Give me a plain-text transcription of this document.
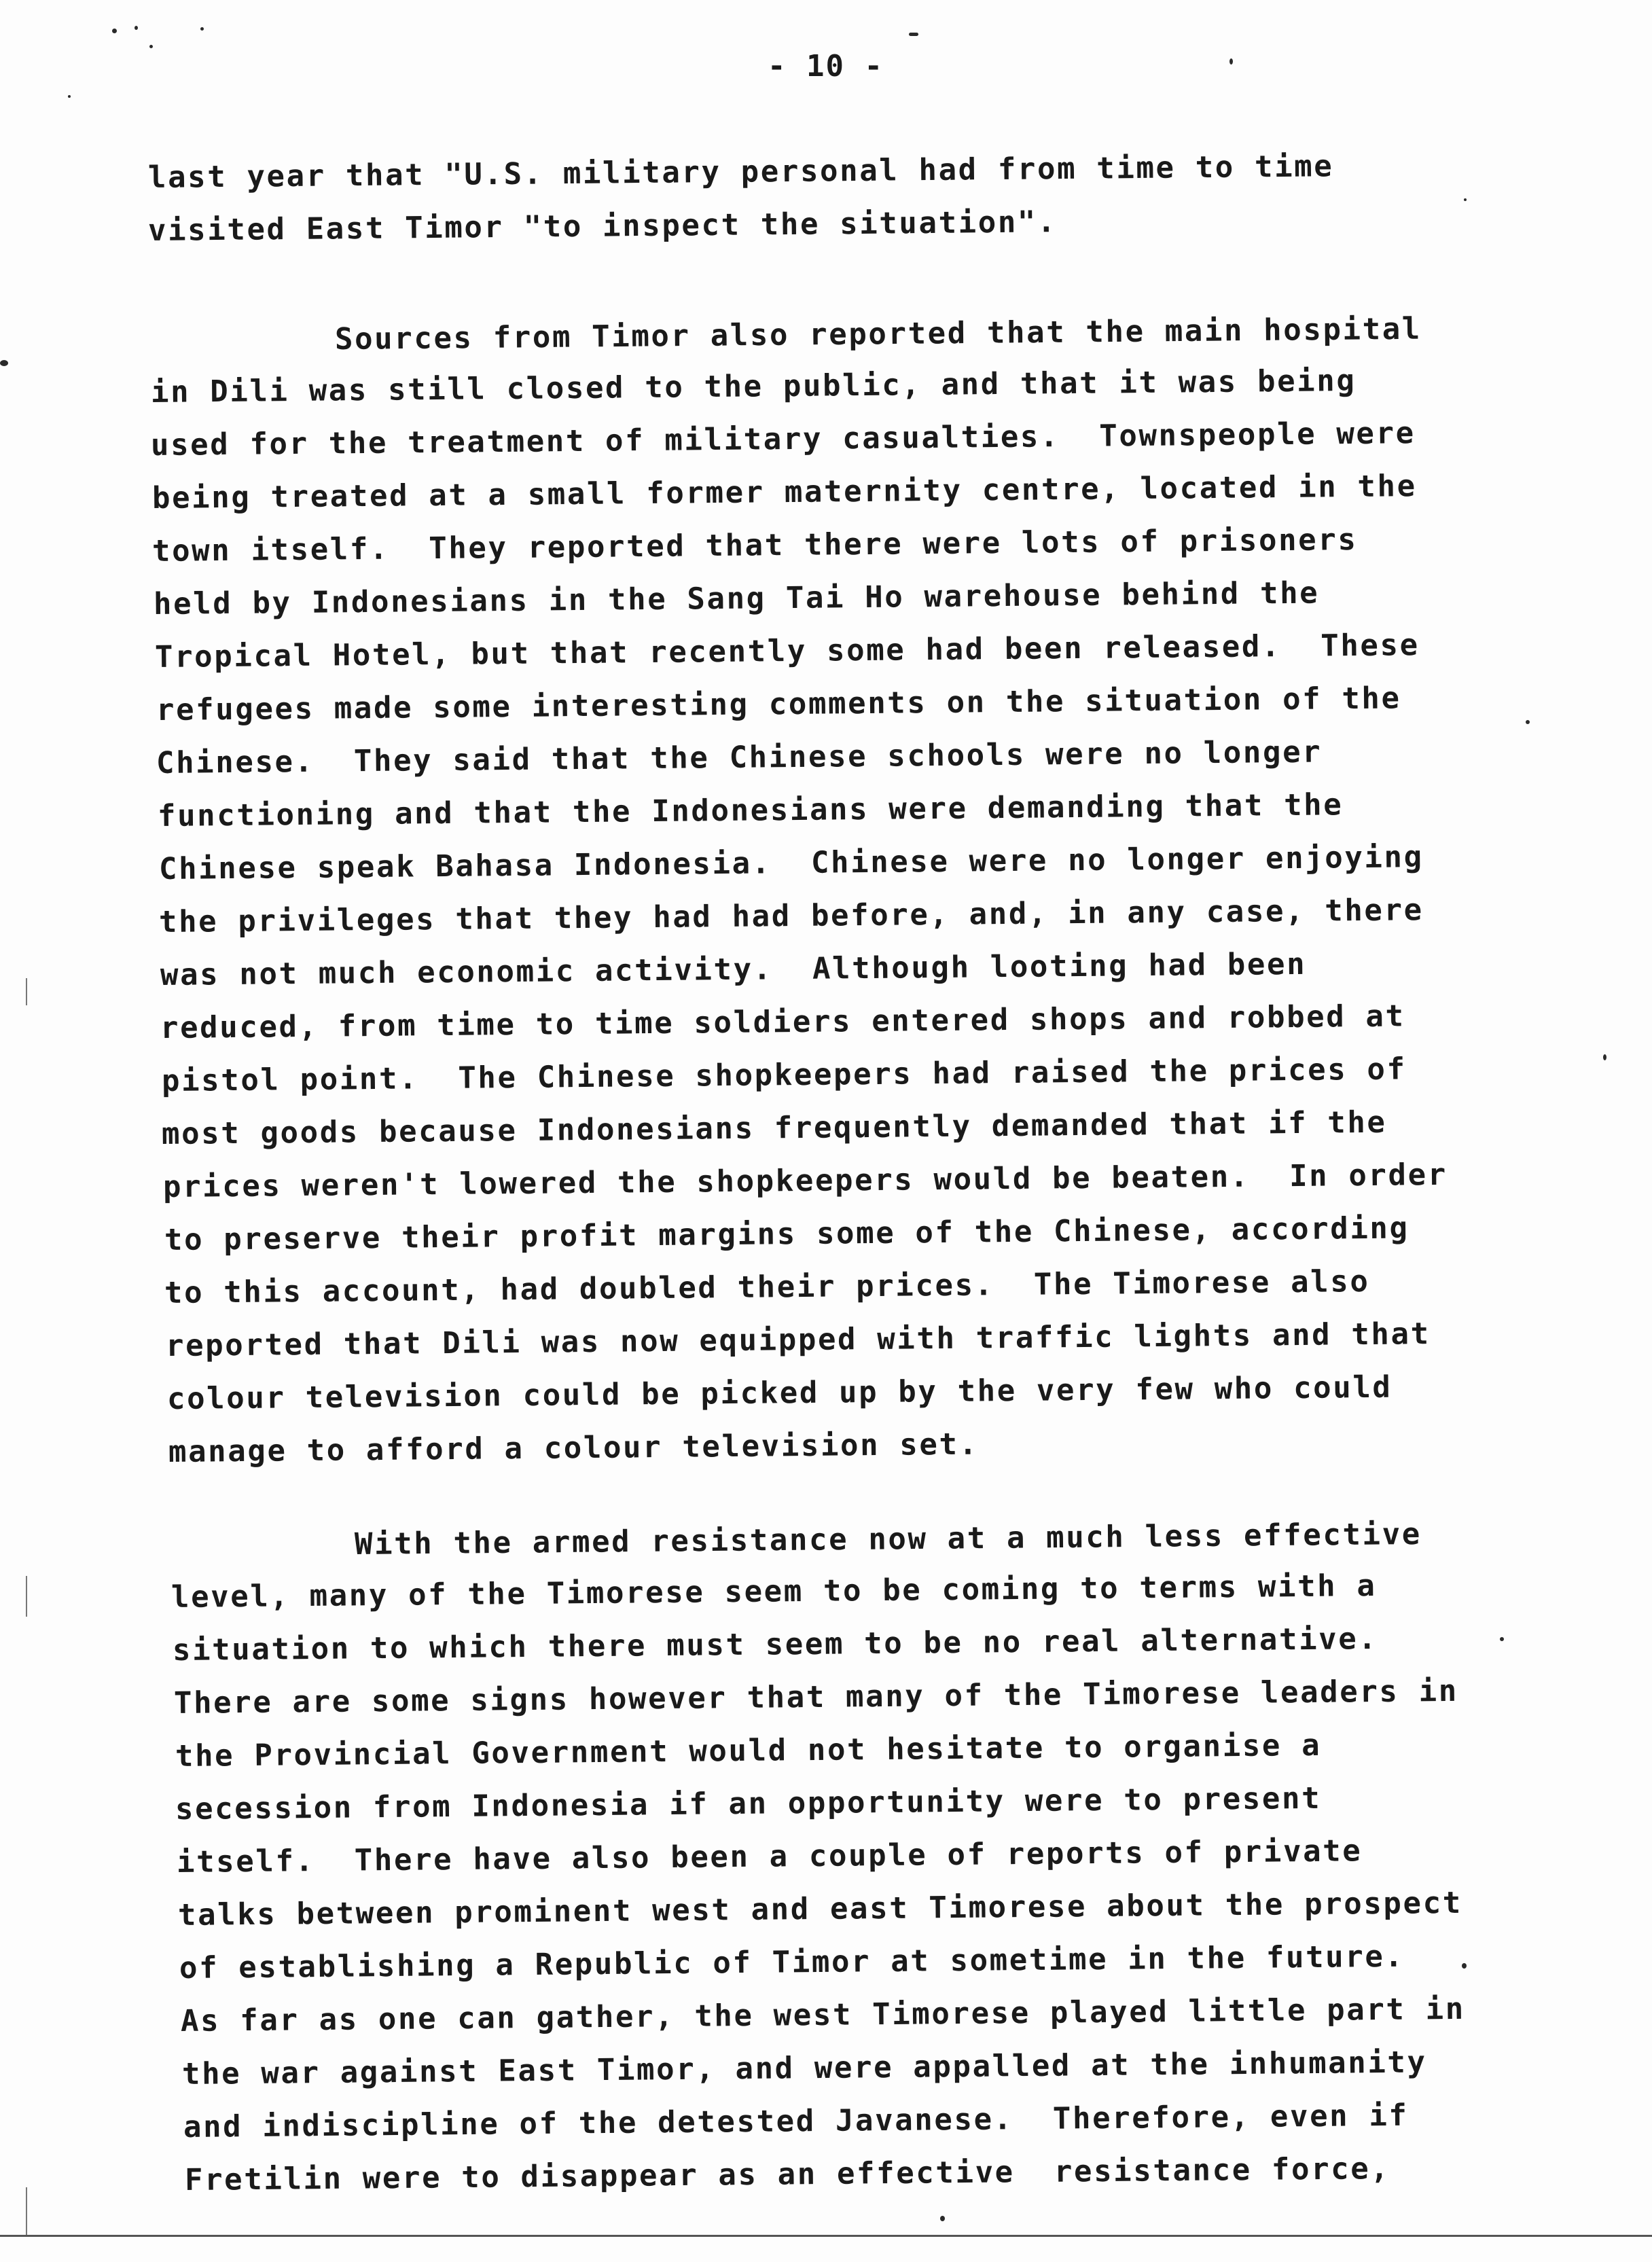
- 10 -
last year that "U.S. military personal had from time to time
visited East Timor "to inspect the situation".
Sources from Timor also reported that the main hospital
in Dili was still closed to the public, and that it was being
used for the treatment of military casualties.  Townspeople were
being treated at a small former maternity centre, located in the
town itself.  They reported that there were lots of prisoners
held by Indonesians in the Sang Tai Ho warehouse behind the
Tropical Hotel, but that recently some had been released.  These
refugees made some interesting comments on the situation of the
Chinese.  They said that the Chinese schools were no longer
functioning and that the Indonesians were demanding that the
Chinese speak Bahasa Indonesia.  Chinese were no longer enjoying
the privileges that they had had before, and, in any case, there
was not much economic activity.  Although looting had been
reduced, from time to time soldiers entered shops and robbed at
pistol point.  The Chinese shopkeepers had raised the prices of
most goods because Indonesians frequently demanded that if the
prices weren't lowered the shopkeepers would be beaten.  In order
to preserve their profit margins some of the Chinese, according
to this account, had doubled their prices.  The Timorese also
reported that Dili was now equipped with traffic lights and that
colour television could be picked up by the very few who could
manage to afford a colour television set.
With the armed resistance now at a much less effective
level, many of the Timorese seem to be coming to terms with a
situation to which there must seem to be no real alternative.
There are some signs however that many of the Timorese leaders in
the Provincial Government would not hesitate to organise a
secession from Indonesia if an opportunity were to present
itself.  There have also been a couple of reports of private
talks between prominent west and east Timorese about the prospect
of establishing a Republic of Timor at sometime in the future.
As far as one can gather, the west Timorese played little part in
the war against East Timor, and were appalled at the inhumanity
and indiscipline of the detested Javanese.  Therefore, even if
Fretilin were to disappear as an effective  resistance force,
